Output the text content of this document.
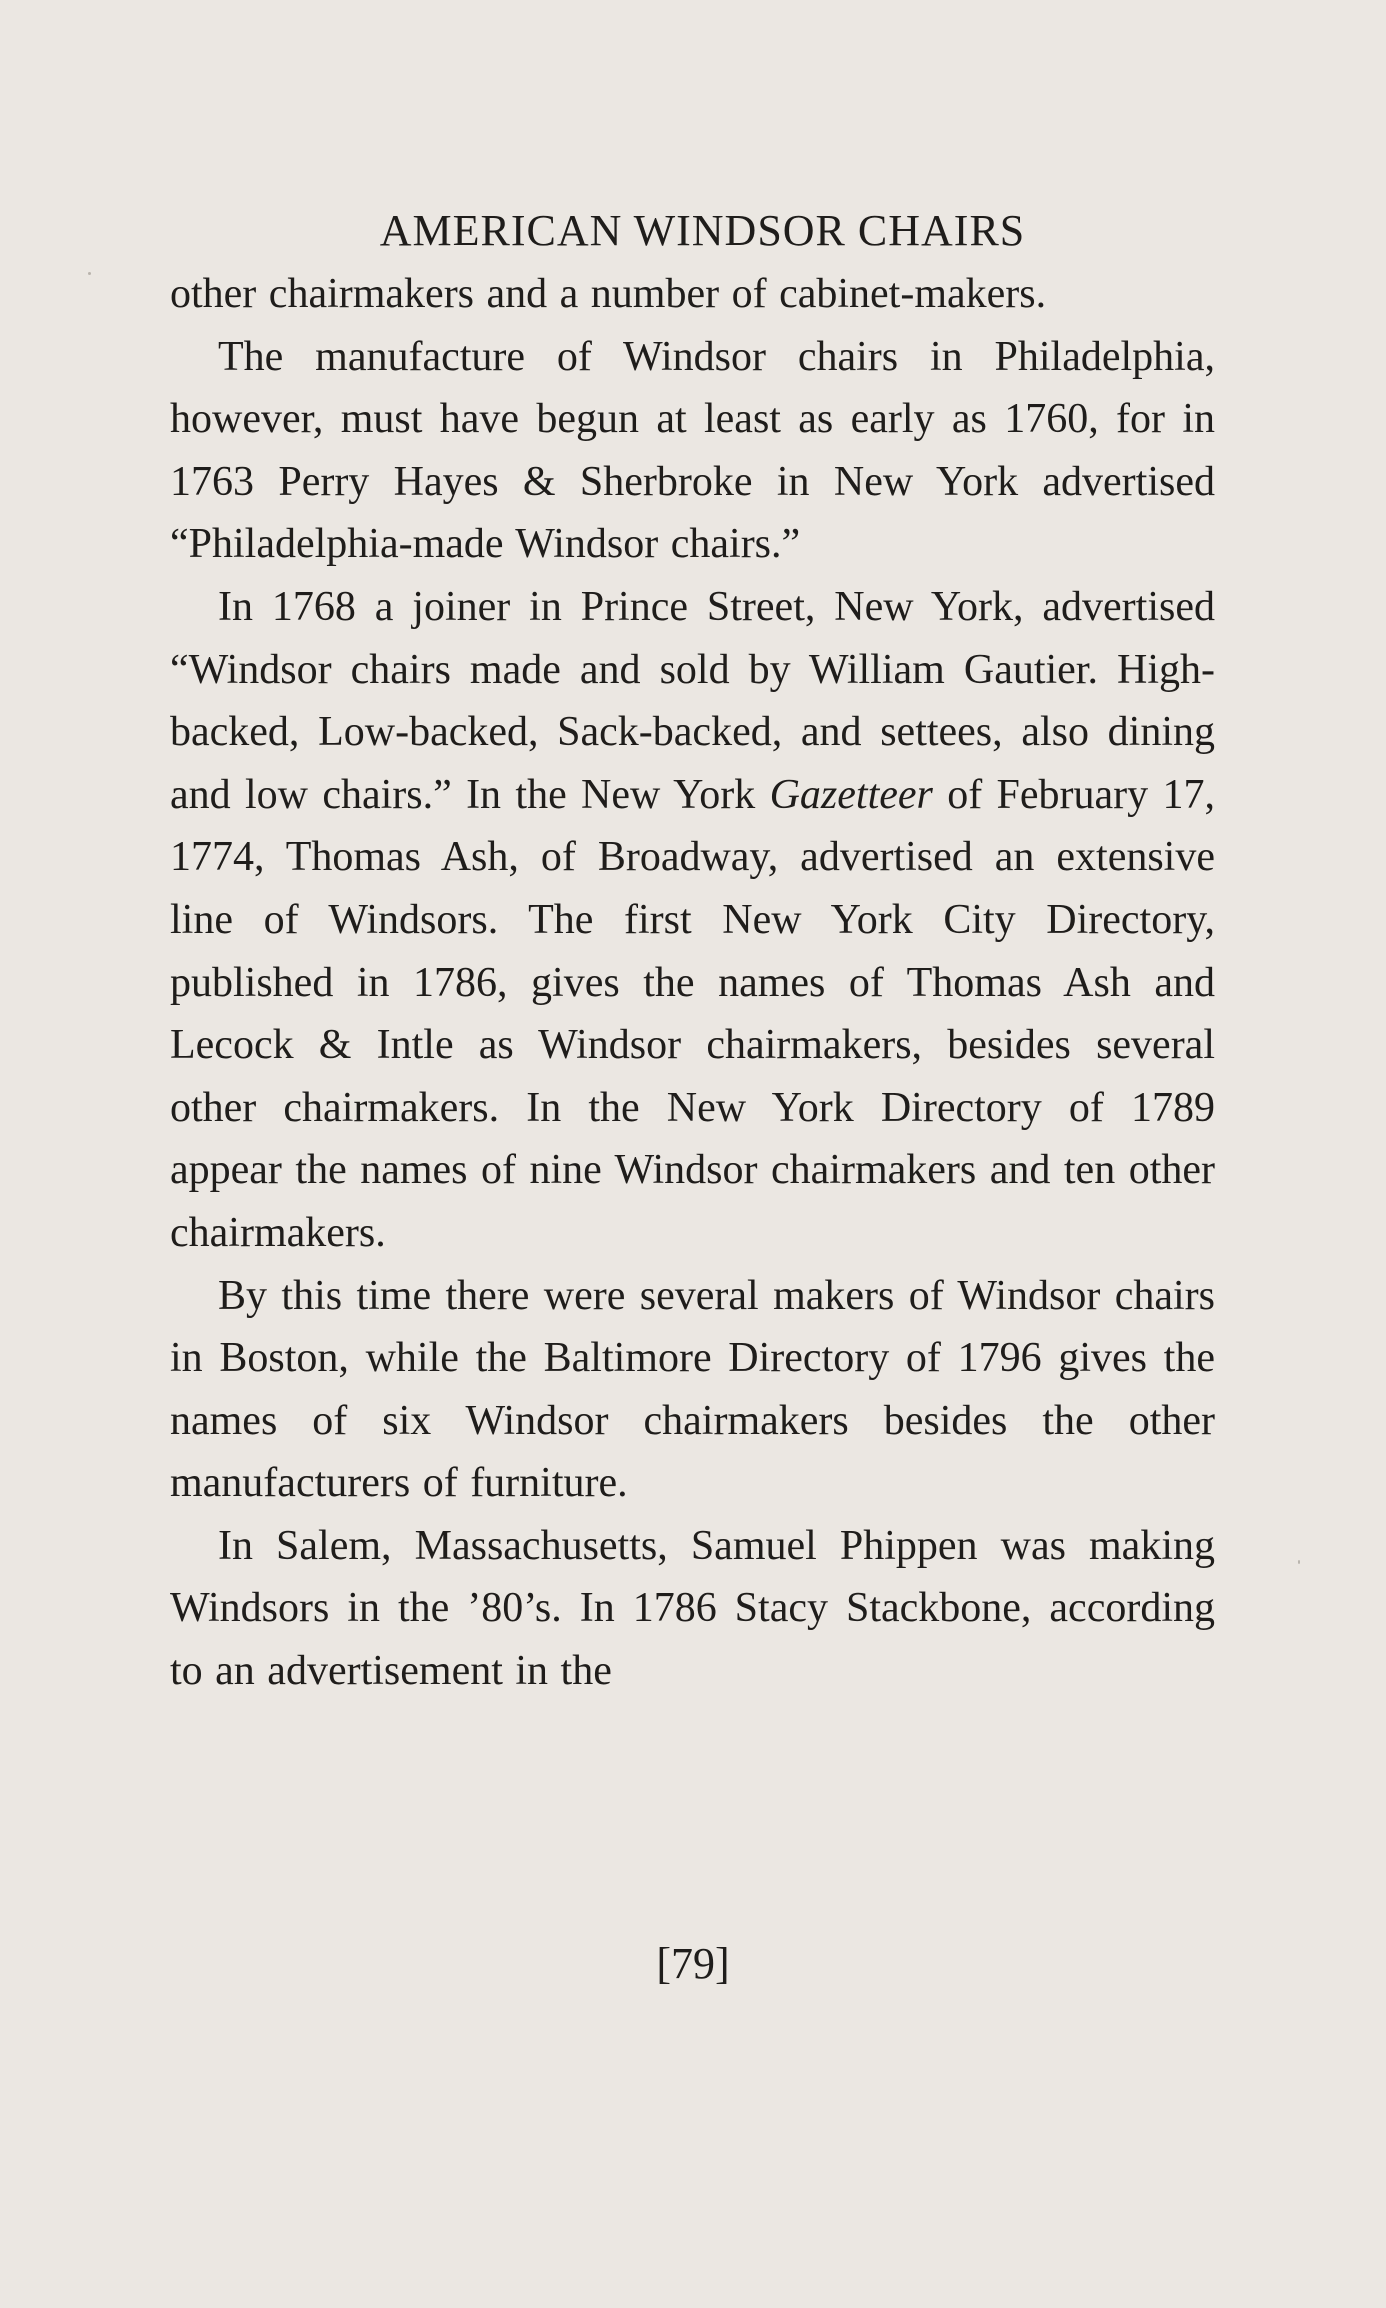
AMERICAN WINDSOR CHAIRS

other chairmakers and a number of cabinet-makers.

The manufacture of Windsor chairs in Philadelphia, however, must have begun at least as early as 1760, for in 1763 Perry Hayes & Sherbroke in New York advertised “Philadelphia-made Windsor chairs.”

In 1768 a joiner in Prince Street, New York, advertised “Windsor chairs made and sold by William Gautier. High-backed, Low-backed, Sack-backed, and settees, also dining and low chairs.” In the New York Gazetteer of February 17, 1774, Thomas Ash, of Broadway, advertised an extensive line of Windsors. The first New York City Directory, published in 1786, gives the names of Thomas Ash and Lecock & Intle as Windsor chairmakers, besides several other chairmakers. In the New York Directory of 1789 appear the names of nine Windsor chairmakers and ten other chairmakers.

By this time there were several makers of Windsor chairs in Boston, while the Baltimore Directory of 1796 gives the names of six Windsor chairmakers besides the other manufacturers of furniture.

In Salem, Massachusetts, Samuel Phippen was making Windsors in the ’80’s. In 1786 Stacy Stackbone, according to an advertisement in the

[79]
